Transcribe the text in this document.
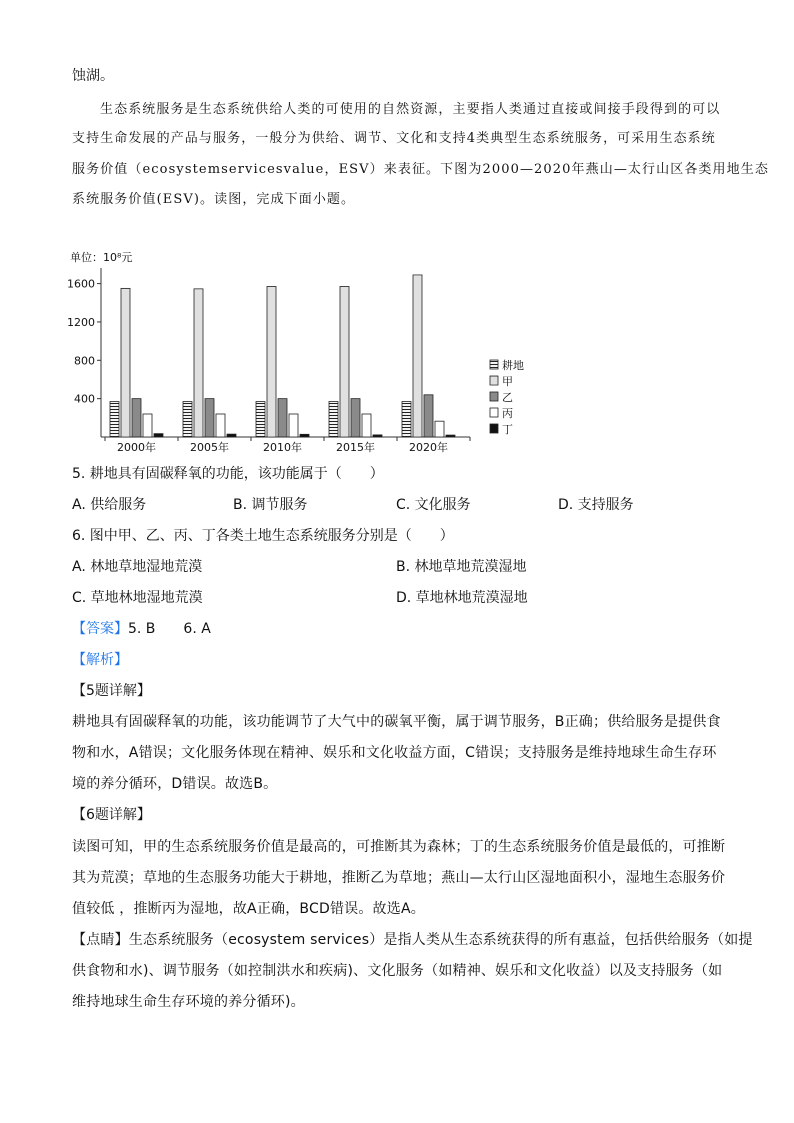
蚀湖。
生态系统服务是生态系统供给人类的可使用的自然资源，主要指人类通过直接或间接手段得到的可以
支持生命发展的产品与服务，一般分为供给、调节、文化和支持4类典型生态系统服务，可采用生态系统
服务价值（ecosystemservicesvalue，ESV）来表征。下图为2000—2020年燕山—太行山区各类用地生态
系统服务价值(ESV)。读图，完成下面小题。
单位：10⁸元
400
800
1200
1600
2000年	2005年	2010年	2015年	2020年
耕地
甲
乙
丙
丁
5. 耕地具有固碳释氧的功能，该功能属于（　　）
A. 供给服务	B. 调节服务	C. 文化服务	D. 支持服务
6. 图中甲、乙、丙、丁各类土地生态系统服务分别是（　　）
A. 林地草地湿地荒漠	B. 林地草地荒漠湿地
C. 草地林地湿地荒漠	D. 草地林地荒漠湿地
【答案】5. B　　6. A
【解析】
【5题详解】
耕地具有固碳释氧的功能，该功能调节了大气中的碳氧平衡，属于调节服务，B正确；供给服务是提供食
物和水，A错误；文化服务体现在精神、娱乐和文化收益方面，C错误；支持服务是维持地球生命生存环
境的养分循环，D错误。故选B。
【6题详解】
读图可知，甲的生态系统服务价值是最高的，可推断其为森林；丁的生态系统服务价值是最低的，可推断
其为荒漠；草地的生态服务功能大于耕地，推断乙为草地；燕山—太行山区湿地面积小，湿地生态服务价
值较低 ，推断丙为湿地，故A正确，BCD错误。故选A。
【点睛】生态系统服务（ecosystem services）是指人类从生态系统获得的所有惠益，包括供给服务（如提
供食物和水)、调节服务（如控制洪水和疾病)、文化服务（如精神、娱乐和文化收益）以及支持服务（如
维持地球生命生存环境的养分循环)。
